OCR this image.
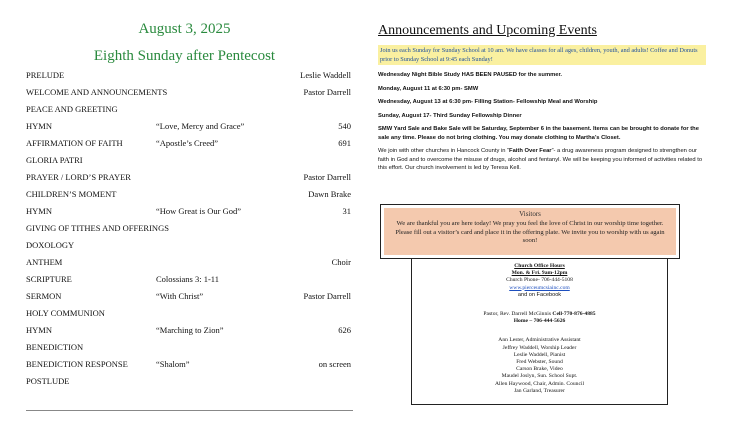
August 3, 2025
Eighth Sunday after Pentecost
PRELUDE	Leslie Waddell
WELCOME AND ANNOUNCEMENTS	Pastor Darrell
PEACE AND GREETING
HYMN	“Love, Mercy and Grace”	540
AFFIRMATION OF FAITH	“Apostle’s Creed”	691
GLORIA PATRI
PRAYER / LORD’S PRAYER	Pastor Darrell
CHILDREN’S MOMENT	Dawn Brake
HYMN	“How Great is Our God”	31
GIVING OF TITHES AND OFFERINGS
DOXOLOGY
ANTHEM	Choir
SCRIPTURE	Colossians 3: 1-11
SERMON	“With Christ”	Pastor Darrell
HOLY COMMUNION
HYMN	“Marching to Zion”	626
BENEDICTION
BENEDICTION RESPONSE	“Shalom”	on screen
POSTLUDE
Announcements and Upcoming Events
Join us each Sunday for Sunday School at 10 am. We have classes for all ages, children, youth, and adults! Coffee and Donuts prior to Sunday School at 9:45 each Sunday!
Wednesday Night Bible Study HAS BEEN PAUSED for the summer.
Monday, August 11 at 6:30 pm- SMW
Wednesday, August 13 at 6:30 pm- Filling Station- Fellowship Meal and Worship
Sunday, August 17- Third Sunday Fellowship Dinner
SMW Yard Sale and Bake Sale will be Saturday, September 6 in the basement. Items can be brought to donate for the sale any time. Please do not bring clothing. You may donate clothing to Martha’s Closet.
We join with other churches in Hancock County in “Faith Over Fear”- a drug awareness program designed to strengthen our faith in God and to overcome the misuse of drugs, alcohol and fentanyl. We will be keeping you informed of activities related to this effort. Our church involvement is led by Teresa Kell.
Visitors
We are thankful you are here today! We pray you feel the love of Christ in our worship time together. Please fill out a visitor’s card and place it in the offering plate. We invite you to worship with us again soon!
Church Office Hours
Mon. & Fri. 9am-12pm
Church Phone- 706-444-5108
www.pierceumcsiainc.com
and on Facebook
Pastor, Rev. Darrell McGinnis Cell-770-876-4885
Home – 706-444-5626
Ann Lester, Administrative Assistant
Jeffrey Waddell, Worship Leader
Leslie Waddell, Pianist
Fred Webster, Sound
Carson Brake, Video
Maudel Joslyn, Sun. School Supt.
Allen Haywood, Chair, Admin. Council
Jan Garland, Treasurer
